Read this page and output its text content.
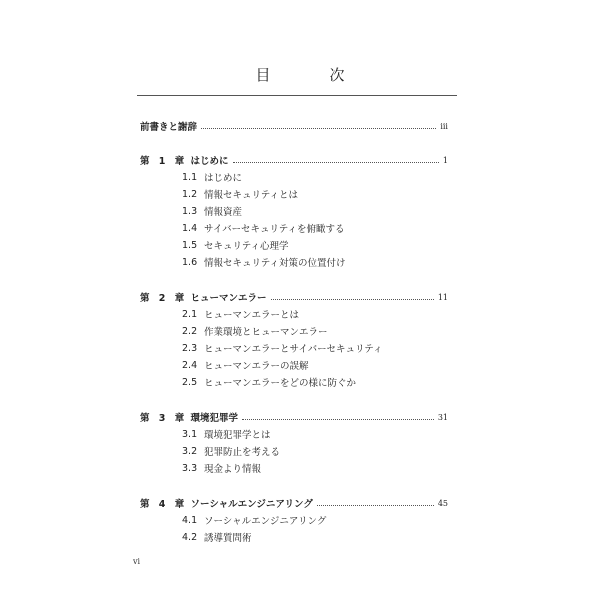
目　次
前書きと謝辞	iii
第 1 章 はじめに	1
1.1 はじめに
1.2 情報セキュリティとは
1.3 情報資産
1.4 サイバーセキュリティを俯瞰する
1.5 セキュリティ心理学
1.6 情報セキュリティ対策の位置付け
第 2 章 ヒューマンエラー	11
2.1 ヒューマンエラーとは
2.2 作業環境とヒューマンエラー
2.3 ヒューマンエラーとサイバーセキュリティ
2.4 ヒューマンエラーの誤解
2.5 ヒューマンエラーをどの様に防ぐか
第 3 章 環境犯罪学	31
3.1 環境犯罪学とは
3.2 犯罪防止を考える
3.3 現金より情報
第 4 章 ソーシャルエンジニアリング	45
4.1 ソーシャルエンジニアリング
4.2 誘導質問術
vi
